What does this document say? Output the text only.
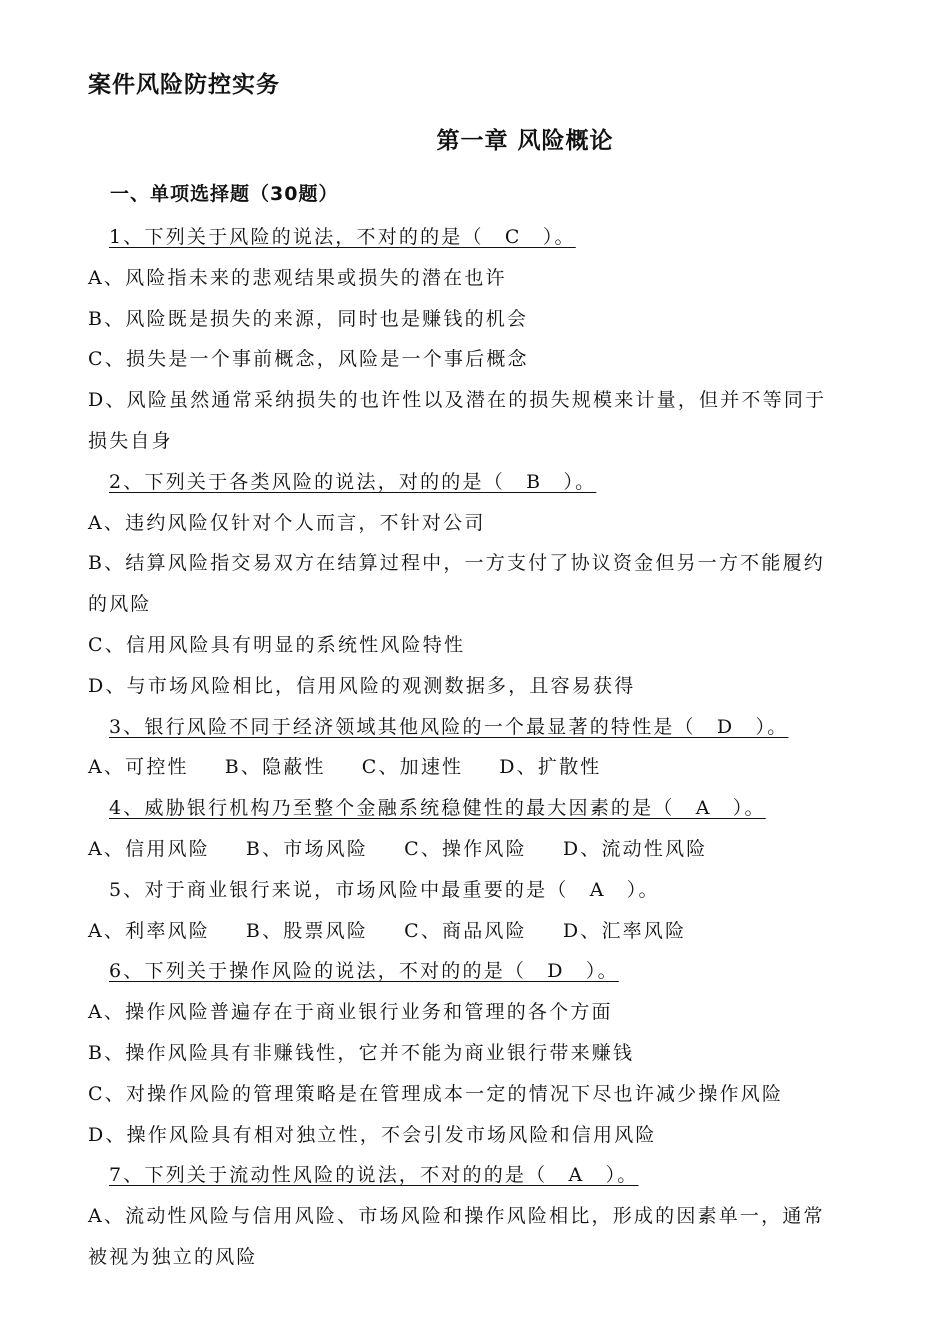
案件风险防控实务
第一章 风险概论
一、单项选择题（30题）
1、下列关于风险的说法，不对的的是（　C　）。
A、风险指未来的悲观结果或损失的潜在也许
B、风险既是损失的来源，同时也是赚钱的机会
C、损失是一个事前概念，风险是一个事后概念
D、风险虽然通常采纳损失的也许性以及潜在的损失规模来计量，但并不等同于
损失自身
2、下列关于各类风险的说法，对的的是（　B　）。
A、违约风险仅针对个人而言，不针对公司
B、结算风险指交易双方在结算过程中，一方支付了协议资金但另一方不能履约
的风险
C、信用风险具有明显的系统性风险特性
D、与市场风险相比，信用风险的观测数据多，且容易获得
3、银行风险不同于经济领域其他风险的一个最显著的特性是（　D　）。
A、可控性 B、隐蔽性 C、加速性 D、扩散性
4、威胁银行机构乃至整个金融系统稳健性的最大因素的是（　A　）。
A、信用风险 B、市场风险 C、操作风险 D、流动性风险
5、对于商业银行来说，市场风险中最重要的是（　A　）。
A、利率风险 B、股票风险 C、商品风险 D、汇率风险
6、下列关于操作风险的说法，不对的的是（　D　）。
A、操作风险普遍存在于商业银行业务和管理的各个方面
B、操作风险具有非赚钱性，它并不能为商业银行带来赚钱
C、对操作风险的管理策略是在管理成本一定的情况下尽也许减少操作风险
D、操作风险具有相对独立性，不会引发市场风险和信用风险
7、下列关于流动性风险的说法，不对的的是（　A　）。
A、流动性风险与信用风险、市场风险和操作风险相比，形成的因素单一，通常
被视为独立的风险
